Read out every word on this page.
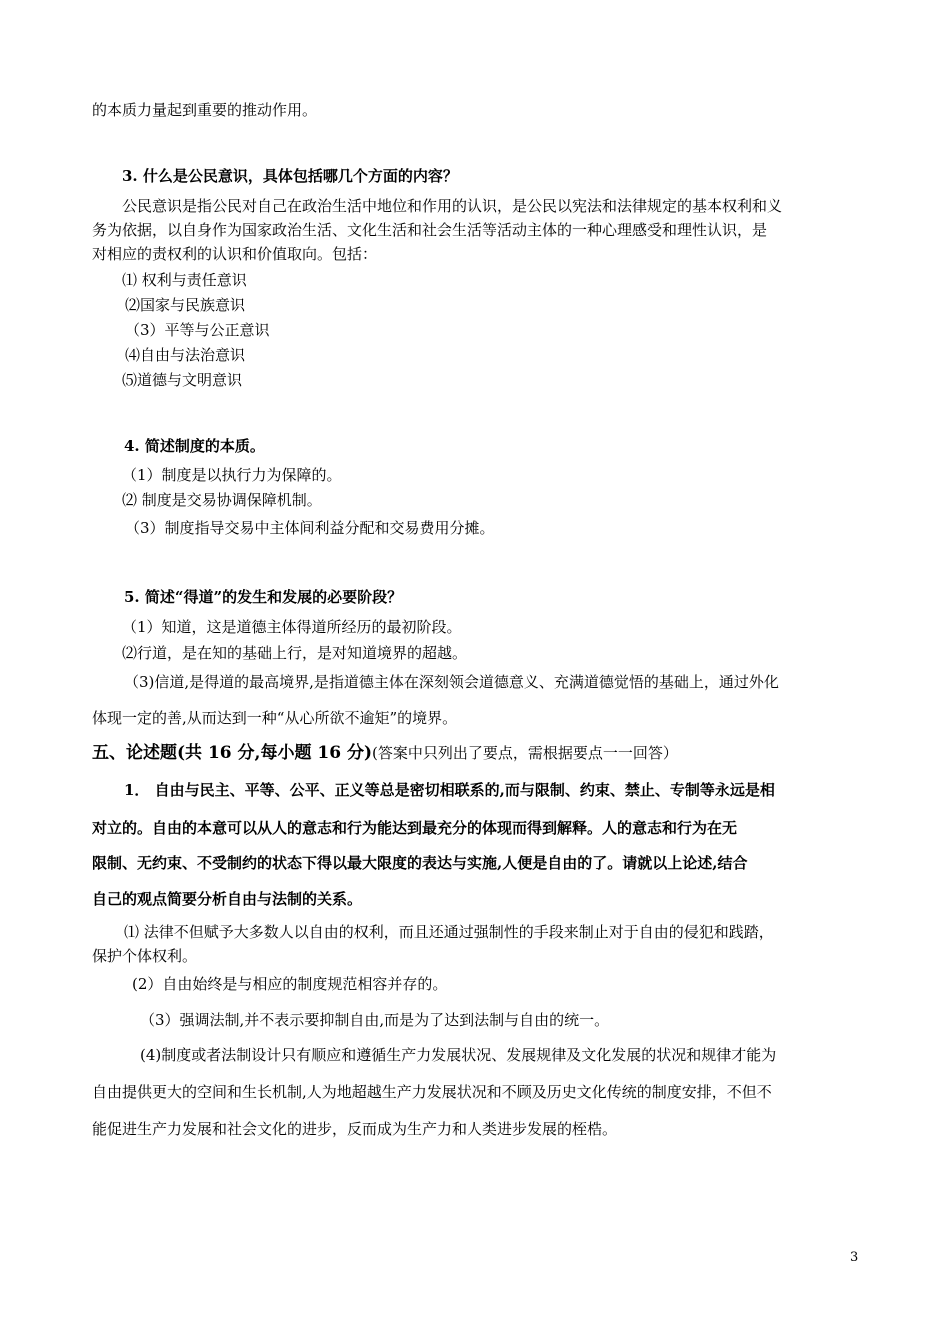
的本质力量起到重要的推动作用。
3. 什么是公民意识，具体包括哪几个方面的内容？
公民意识是指公民对自己在政治生活中地位和作用的认识，是公民以宪法和法律规定的基本权利和义
务为依据，以自身作为国家政治生活、文化生活和社会生活等活动主体的一种心理感受和理性认识，是
对相应的责权利的认识和价值取向。包括：
⑴ 权利与责任意识
⑵国家与民族意识
（3）平等与公正意识
⑷自由与法治意识
⑸道德与文明意识
4. 简述制度的本质。
（1）制度是以执行力为保障的。
⑵ 制度是交易协调保障机制。
（3）制度指导交易中主体间利益分配和交易费用分摊。
5. 简述“得道”的发生和发展的必要阶段？
（1）知道，这是道德主体得道所经历的最初阶段。
⑵行道，是在知的基础上行，是对知道境界的超越。
（3)信道,是得道的最高境界,是指道德主体在深刻领会道德意义、充满道德觉悟的基础上，通过外化
体现一定的善,从而达到一种“从心所欲不逾矩”的境界。
五、论述题(共 16 分,每小题 16 分)(答案中只列出了要点，需根据要点一一回答）
1． 自由与民主、平等、公平、正义等总是密切相联系的,而与限制、约束、禁止、专制等永远是相
对立的。自由的本意可以从人的意志和行为能达到最充分的体现而得到解释。人的意志和行为在无
限制、无约束、不受制约的状态下得以最大限度的表达与实施,人便是自由的了。请就以上论述,结合
自己的观点简要分析自由与法制的关系。
⑴ 法律不但赋予大多数人以自由的权利，而且还通过强制性的手段来制止对于自由的侵犯和践踏，
保护个体权利。
(2）自由始终是与相应的制度规范相容并存的。
（3）强调法制,并不表示要抑制自由,而是为了达到法制与自由的统一。
(4)制度或者法制设计只有顺应和遵循生产力发展状况、发展规律及文化发展的状况和规律才能为
自由提供更大的空间和生长机制,人为地超越生产力发展状况和不顾及历史文化传统的制度安排，不但不
能促进生产力发展和社会文化的进步，反而成为生产力和人类进步发展的桎梏。
3
